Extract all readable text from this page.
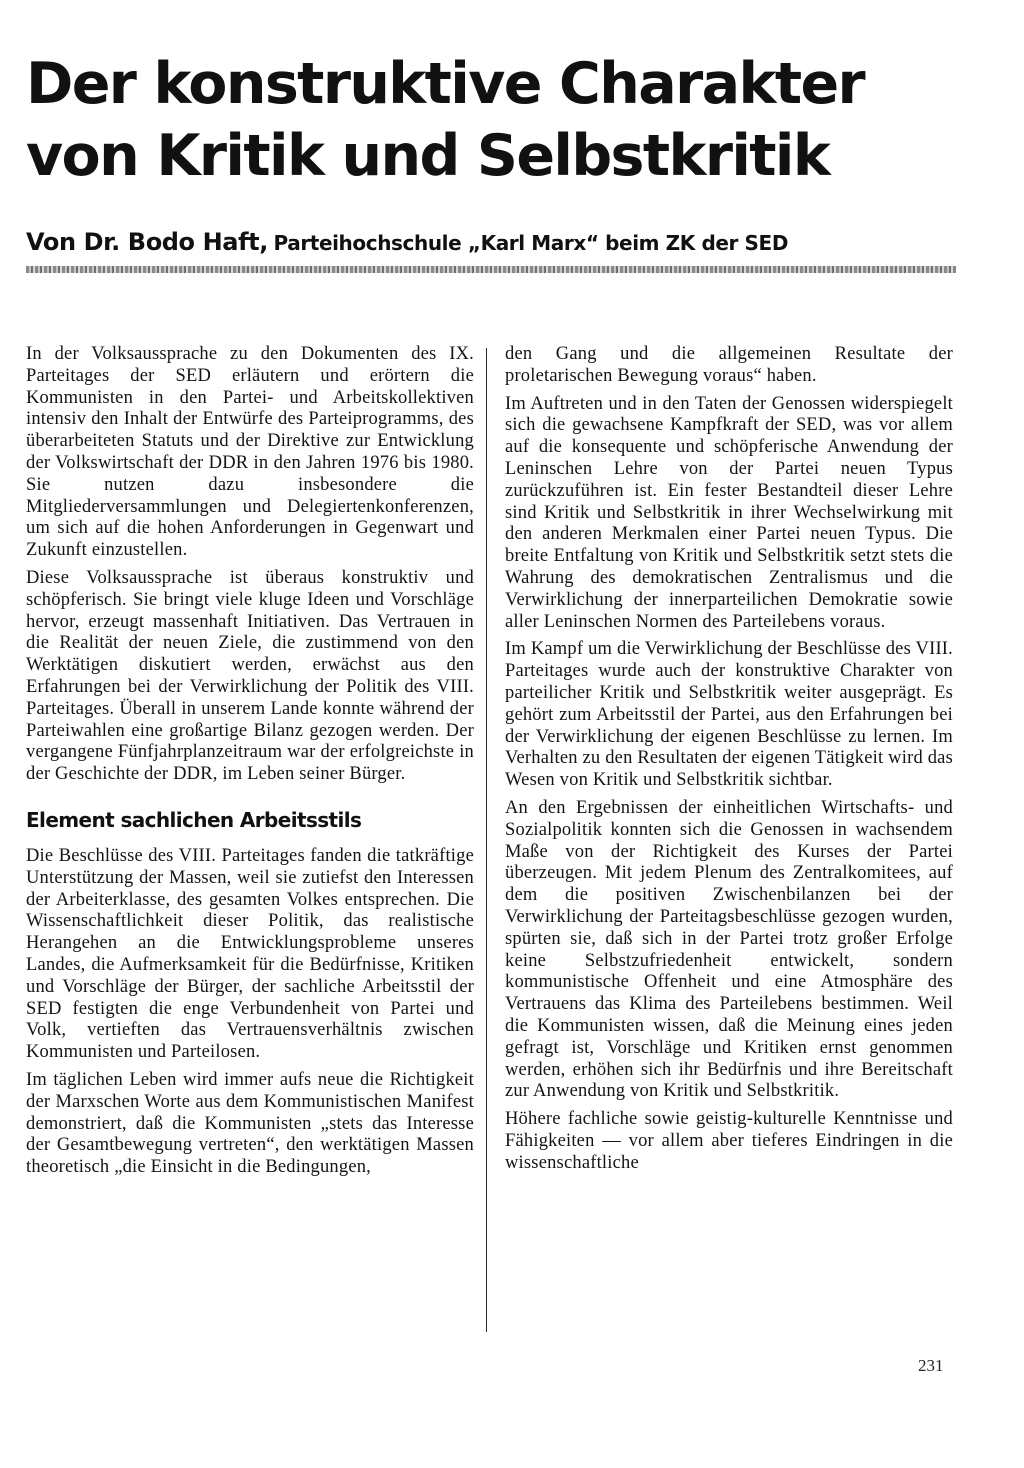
Der konstruktive Charakter
von Kritik und Selbstkritik
Von Dr. Bodo Haft, Parteihochschule „Karl Marx“ beim ZK der SED

In der Volksaussprache zu den Dokumenten des IX. Parteitages der SED erläutern und erörtern die Kommunisten in den Partei- und Arbeitskollektiven intensiv den Inhalt der Entwürfe des Parteiprogramms, des überarbeiteten Statuts und der Direktive zur Entwicklung der Volkswirtschaft der DDR in den Jahren 1976 bis 1980. Sie nutzen dazu insbesondere die Mitgliederversammlungen und Delegiertenkonferenzen, um sich auf die hohen Anforderungen in Gegenwart und Zukunft einzustellen.

Diese Volksaussprache ist überaus konstruktiv und schöpferisch. Sie bringt viele kluge Ideen und Vorschläge hervor, erzeugt massenhaft Initiativen. Das Vertrauen in die Realität der neuen Ziele, die zustimmend von den Werktätigen diskutiert werden, erwächst aus den Erfahrungen bei der Verwirklichung der Politik des VIII. Parteitages. Überall in unserem Lande konnte während der Parteiwahlen eine großartige Bilanz gezogen werden. Der vergangene Fünfjahrplanzeitraum war der erfolgreichste in der Geschichte der DDR, im Leben seiner Bürger.

Element sachlichen Arbeitsstils

Die Beschlüsse des VIII. Parteitages fanden die tatkräftige Unterstützung der Massen, weil sie zutiefst den Interessen der Arbeiterklasse, des gesamten Volkes entsprechen. Die Wissenschaftlichkeit dieser Politik, das realistische Herangehen an die Entwicklungsprobleme unseres Landes, die Aufmerksamkeit für die Bedürfnisse, Kritiken und Vorschläge der Bürger, der sachliche Arbeitsstil der SED festigten die enge Verbundenheit von Partei und Volk, vertieften das Vertrauensverhältnis zwischen Kommunisten und Parteilosen.

Im täglichen Leben wird immer aufs neue die Richtigkeit der Marxschen Worte aus dem Kommunistischen Manifest demonstriert, daß die Kommunisten „stets das Interesse der Gesamtbewegung vertreten“, den werktätigen Massen theoretisch „die Einsicht in die Bedingungen,

den Gang und die allgemeinen Resultate der proletarischen Bewegung voraus“ haben.

Im Auftreten und in den Taten der Genossen widerspiegelt sich die gewachsene Kampfkraft der SED, was vor allem auf die konsequente und schöpferische Anwendung der Leninschen Lehre von der Partei neuen Typus zurückzuführen ist. Ein fester Bestandteil dieser Lehre sind Kritik und Selbstkritik in ihrer Wechselwirkung mit den anderen Merkmalen einer Partei neuen Typus. Die breite Entfaltung von Kritik und Selbstkritik setzt stets die Wahrung des demokratischen Zentralismus und die Verwirklichung der innerparteilichen Demokratie sowie aller Leninschen Normen des Parteilebens voraus.

Im Kampf um die Verwirklichung der Beschlüsse des VIII. Parteitages wurde auch der konstruktive Charakter von parteilicher Kritik und Selbstkritik weiter ausgeprägt. Es gehört zum Arbeitsstil der Partei, aus den Erfahrungen bei der Verwirklichung der eigenen Beschlüsse zu lernen. Im Verhalten zu den Resultaten der eigenen Tätigkeit wird das Wesen von Kritik und Selbstkritik sichtbar.

An den Ergebnissen der einheitlichen Wirtschafts- und Sozialpolitik konnten sich die Genossen in wachsendem Maße von der Richtigkeit des Kurses der Partei überzeugen. Mit jedem Plenum des Zentralkomitees, auf dem die positiven Zwischenbilanzen bei der Verwirklichung der Parteitagsbeschlüsse gezogen wurden, spürten sie, daß sich in der Partei trotz großer Erfolge keine Selbstzufriedenheit entwickelt, sondern kommunistische Offenheit und eine Atmosphäre des Vertrauens das Klima des Parteilebens bestimmen. Weil die Kommunisten wissen, daß die Meinung eines jeden gefragt ist, Vorschläge und Kritiken ernst genommen werden, erhöhen sich ihr Bedürfnis und ihre Bereitschaft zur Anwendung von Kritik und Selbstkritik.

Höhere fachliche sowie geistig-kulturelle Kenntnisse und Fähigkeiten — vor allem aber tieferes Eindringen in die wissenschaftliche

231
